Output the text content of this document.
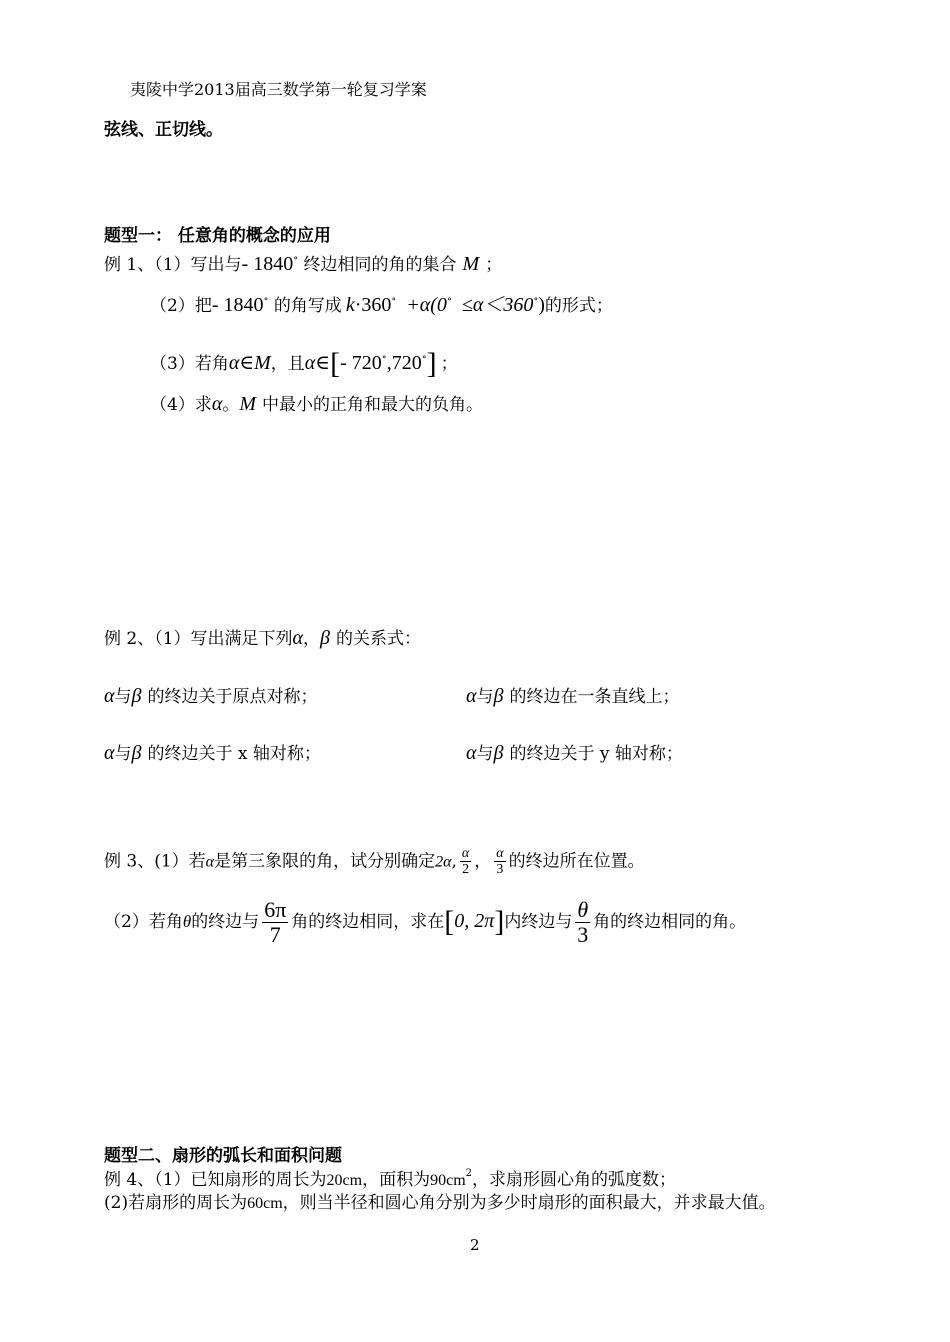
夷陵中学2013届高三数学第一轮复习学案
弦线、正切线。
题型一： 任意角的概念的应用
例 1、（1）写出与- 1840∘ 终边相同的角的集合 M ；
（2）把- 1840∘ 的角写成 k·360∘ +α(0∘ ≤α＜360∘)的形式；
（3）若角α∈M，且α∈[- 720∘,720∘] ；
（4）求α。M 中最小的正角和最大的负角。
例 2、（1）写出满足下列α，β 的关系式：
α与β 的终边关于原点对称；	α与β 的终边在一条直线上；
α与β 的终边关于 x 轴对称；	α与β 的终边关于 y 轴对称；
例 3、(1）若α是第三象限的角，试分别确定2α, $\frac{\alpha}{2}$ ， $\frac{\alpha}{3}$ 的终边所在位置。
（2）若角θ的终边与 $\frac{6\pi}{7}$ 角的终边相同，求在[0, 2π]内终边与 $\frac{\theta}{3}$ 角的终边相同的角。
题型二、扇形的弧长和面积问题
例 4、（1）已知扇形的周长为20cm，面积为$90cm^2$，求扇形圆心角的弧度数；
(2)若扇形的周长为60cm，则当半径和圆心角分别为多少时扇形的面积最大，并求最大值。
2
